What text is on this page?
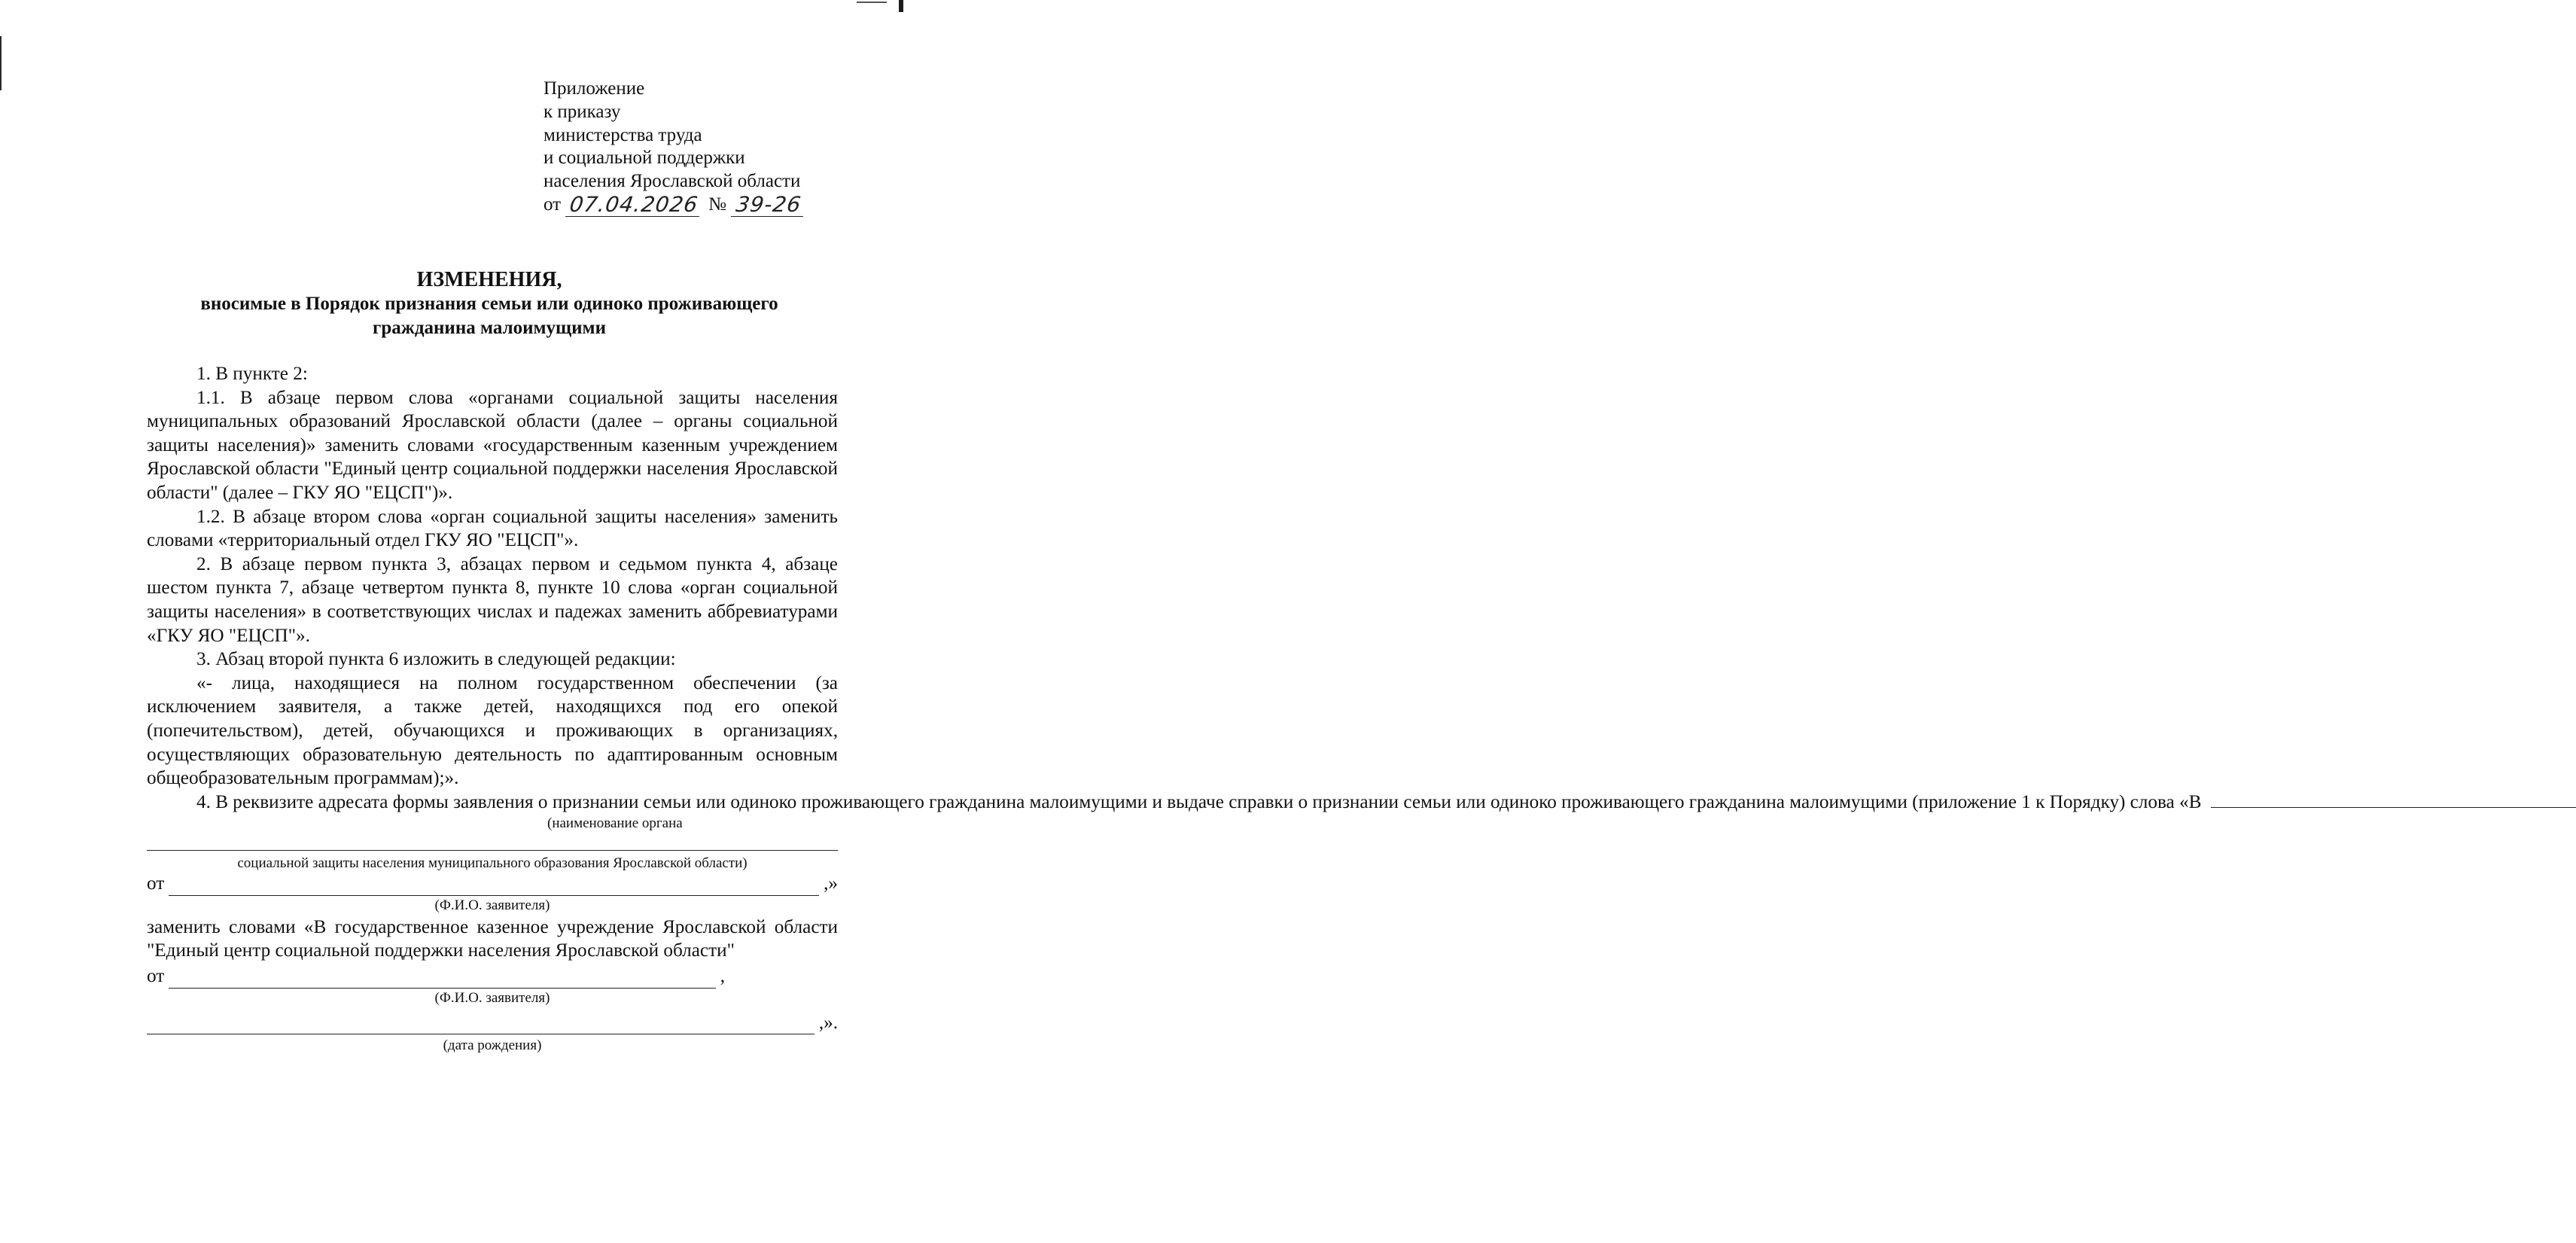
Приложение
к приказу
министерства труда
и социальной поддержки
населения Ярославской области
от 07.04.2026 № 39-26
ИЗМЕНЕНИЯ,
вносимые в Порядок признания семьи или одиноко проживающего
гражданина малоимущими

1. В пункте 2:

1.1. В абзаце первом слова «органами социальной защиты населения муниципальных образований Ярославской области (далее – органы социальной защиты населения)» заменить словами «государственным казенным учреждением Ярославской области "Единый центр социальной поддержки населения Ярославской области" (далее – ГКУ ЯО "ЕЦСП")».

1.2. В абзаце втором слова «орган социальной защиты населения» заменить словами «территориальный отдел ГКУ ЯО "ЕЦСП"».

2. В абзаце первом пункта 3, абзацах первом и седьмом пункта 4, абзаце шестом пункта 7, абзаце четвертом пункта 8, пункте 10 слова «орган социальной защиты населения» в соответствующих числах и падежах заменить аббревиатурами «ГКУ ЯО "ЕЦСП"».

3. Абзац второй пункта 6 изложить в следующей редакции:

«- лица, находящиеся на полном государственном обеспечении (за исключением заявителя, а также детей, находящихся под его опекой (попечительством), детей, обучающихся и проживающих в организациях, осуществляющих образовательную деятельность по адаптированным основным общеобразовательным программам);».

4. В реквизите адресата формы заявления о признании семьи или одиноко проживающего гражданина малоимущими и выдаче справки о признании семьи или одиноко проживающего гражданина малоимущими (приложение 1 к Порядку) слова «В

(наименование органа
социальной защиты населения муниципального образования Ярославской области)
от	,»
(Ф.И.О. заявителя)

заменить словами «В государственное казенное учреждение Ярославской области "Единый центр социальной поддержки населения Ярославской области"

от	,
(Ф.И.О. заявителя)
,».
(дата рождения)
